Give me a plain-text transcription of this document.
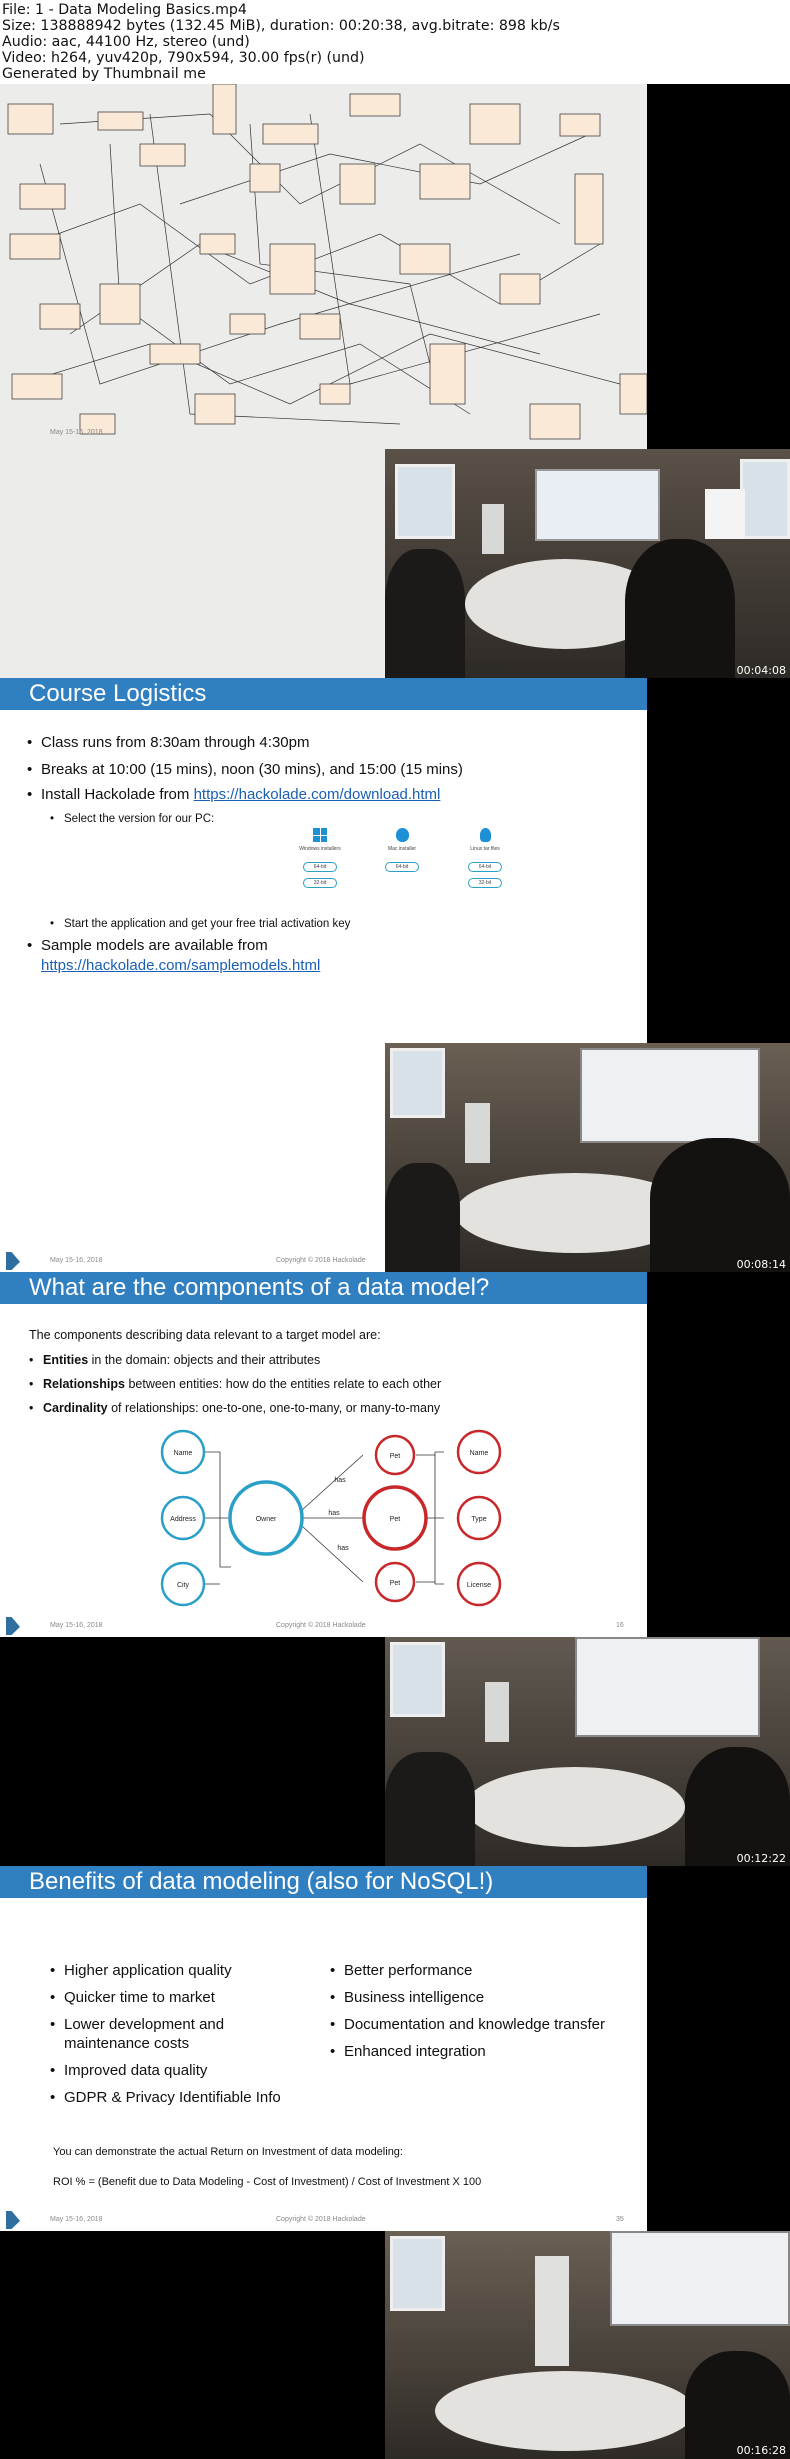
File: 1 - Data Modeling Basics.mp4
Size: 138888942 bytes (132.45 MiB), duration: 00:20:38, avg.bitrate: 898 kb/s
Audio: aac, 44100 Hz, stereo (und)
Video: h264, yuv420p, 790x594, 30.00 fps(r) (und)
Generated by Thumbnail me
May 15-16, 2018
00:04:08
Course Logistics
• Class runs from 8:30am through 4:30pm
• Breaks at 10:00 (15 mins), noon (30 mins), and 15:00 (15 mins)
• Install Hackolade from https://hackolade.com/download.html
• Select the version for our PC:
Windows installers
64-bit
32-bit
Mac installer
64-bit
Linux tar files
64-bit
32-bit
• Start the application and get your free trial activation key
• Sample models are available from
https://hackolade.com/samplemodels.html
May 15-16, 2018	Copyright © 2018 Hackolade	00:08:14
What are the components of a data model?
The components describing data relevant to a target model are:
• Entities in the domain: objects and their attributes
• Relationships between entities: how do the entities relate to each other
• Cardinality of relationships: one-to-one, one-to-many, or many-to-many
Name
Address
City
Owner
Pet
Pet
Pet
Name
Type
License
has
has
has
May 15-16, 2018	Copyright © 2018 Hackolade	16
00:12:22
Benefits of data modeling (also for NoSQL!)
• Higher application quality
• Quicker time to market
• Lower development and maintenance costs
• Improved data quality
• GDPR & Privacy Identifiable Info
• Better performance
• Business intelligence
• Documentation and knowledge transfer
• Enhanced integration
You can demonstrate the actual Return on Investment of data modeling:
ROI % = (Benefit due to Data Modeling - Cost of Investment) / Cost of Investment X 100
May 15-16, 2018	Copyright © 2018 Hackolade	35
00:16:28
